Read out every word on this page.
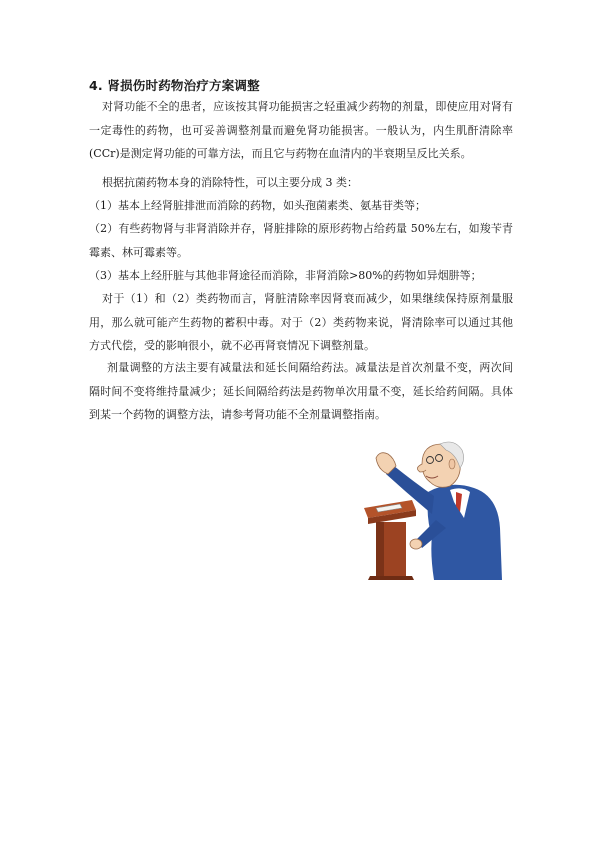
4. 肾损伤时药物治疗方案调整

对肾功能不全的患者，应该按其肾功能损害之轻重减少药物的剂量，即使应用对肾有一定毒性的药物，也可妥善调整剂量而避免肾功能损害。一般认为，内生肌酐清除率(CCr)是测定肾功能的可靠方法，而且它与药物在血清内的半衰期呈反比关系。

根据抗菌药物本身的消除特性，可以主要分成 3 类：

（1）基本上经肾脏排泄而消除的药物，如头孢菌素类、氨基苷类等；

（2）有些药物肾与非肾消除并存，肾脏排除的原形药物占给药量 50%左右，如羧苄青霉素、林可霉素等。

（3）基本上经肝脏与其他非肾途径而消除，非肾消除>80%的药物如异烟肼等；

对于（1）和（2）类药物而言，肾脏清除率因肾衰而减少，如果继续保持原剂量服用，那么就可能产生药物的蓄积中毒。对于（2）类药物来说，肾清除率可以通过其他方式代偿，受的影响很小，就不必再肾衰情况下调整剂量。

剂量调整的方法主要有减量法和延长间隔给药法。减量法是首次剂量不变，两次间隔时间不变将维持量减少；延长间隔给药法是药物单次用量不变，延长给药间隔。具体到某一个药物的调整方法，请参考肾功能不全剂量调整指南。
